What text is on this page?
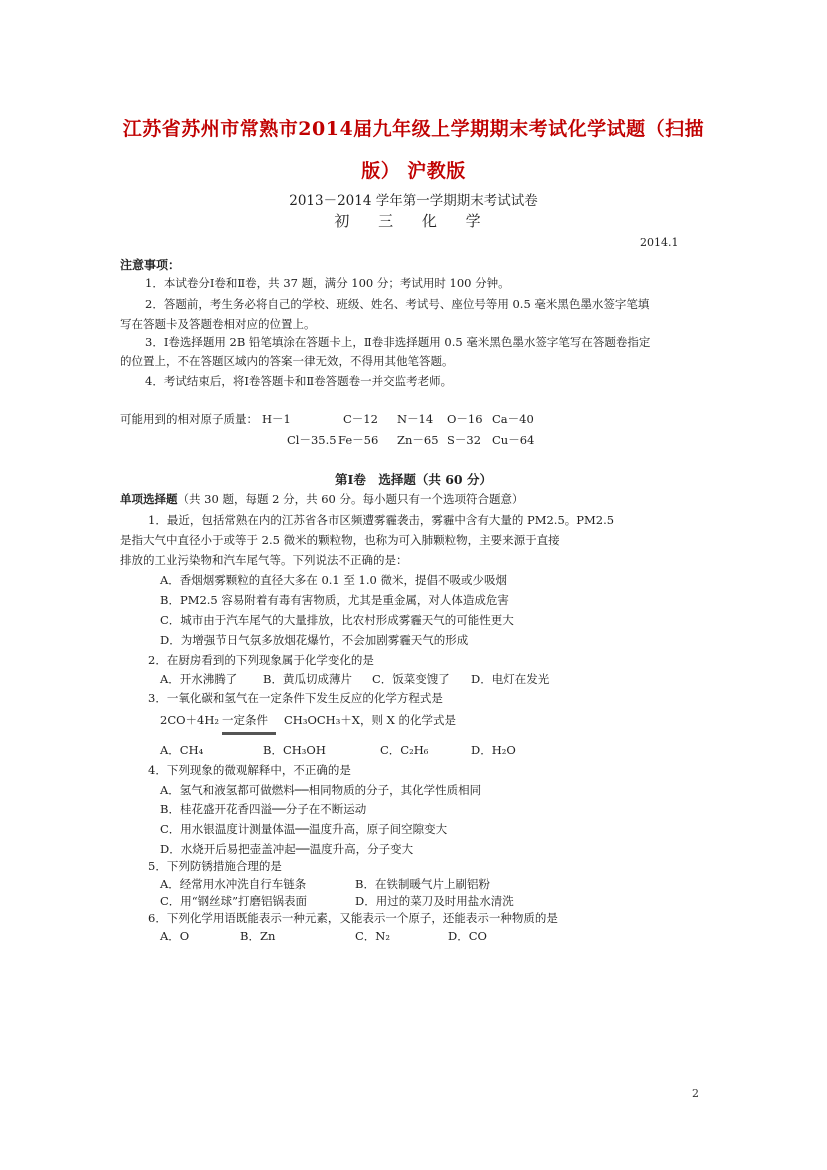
江苏省苏州市常熟市2014届九年级上学期期末考试化学试题（扫描
版） 沪教版
2013－2014 学年第一学期期末考试试卷
初 三 化 学
2014.1
注意事项：
1．本试卷分Ⅰ卷和Ⅱ卷，共 37 题，满分 100 分；考试用时 100 分钟。
2．答题前，考生务必将自己的学校、班级、姓名、考试号、座位号等用 0.5 毫米黑色墨水签字笔填
写在答题卡及答题卷相对应的位置上。
3．Ⅰ卷选择题用 2B 铅笔填涂在答题卡上，Ⅱ卷非选择题用 0.5 毫米黑色墨水签字笔写在答题卷指定
的位置上，不在答题区域内的答案一律无效，不得用其他笔答题。
4．考试结束后，将Ⅰ卷答题卡和Ⅱ卷答题卷一并交监考老师。
可能用到的相对原子质量： H－1	C－12 N－14 O－16 Ca－40
Cl－35.5 Fe－56 Zn－65 S－32 Cu－64
第Ⅰ卷　选择题（共 60 分）
单项选择题（共 30 题，每题 2 分，共 60 分。每小题只有一个选项符合题意）
1．最近，包括常熟在内的江苏省各市区频遭雾霾袭击，雾霾中含有大量的 PM2.5。PM2.5
是指大气中直径小于或等于 2.5 微米的颗粒物，也称为可入肺颗粒物，主要来源于直接
排放的工业污染物和汽车尾气等。下列说法不正确的是：
A．香烟烟雾颗粒的直径大多在 0.1 至 1.0 微米，提倡不吸或少吸烟
B．PM2.5 容易附着有毒有害物质，尤其是重金属，对人体造成危害
C．城市由于汽车尾气的大量排放，比农村形成雾霾天气的可能性更大
D．为增强节日气氛多放烟花爆竹，不会加剧雾霾天气的形成
2．在厨房看到的下列现象属于化学变化的是
A．开水沸腾了 B．黄瓜切成薄片 C．饭菜变馊了 D．电灯在发光
3．一氧化碳和氢气在一定条件下发生反应的化学方程式是
2CO＋4H₂ 一定条件 CH₃OCH₃＋X，则 X 的化学式是
A．CH₄	B．CH₃OH	C．C₂H₆	D．H₂O
4．下列现象的微观解释中，不正确的是
A．氢气和液氢都可做燃料──相同物质的分子，其化学性质相同
B．桂花盛开花香四溢──分子在不断运动
C．用水银温度计测量体温──温度升高，原子间空隙变大
D．水烧开后易把壶盖冲起──温度升高，分子变大
5．下列防锈措施合理的是
A．经常用水冲洗自行车链条	B．在铁制暖气片上刷铝粉
C．用“钢丝球”打磨铝锅表面	D．用过的菜刀及时用盐水清洗
6．下列化学用语既能表示一种元素，又能表示一个原子，还能表示一种物质的是
A．O	B．Zn	C．N₂	D．CO
2
